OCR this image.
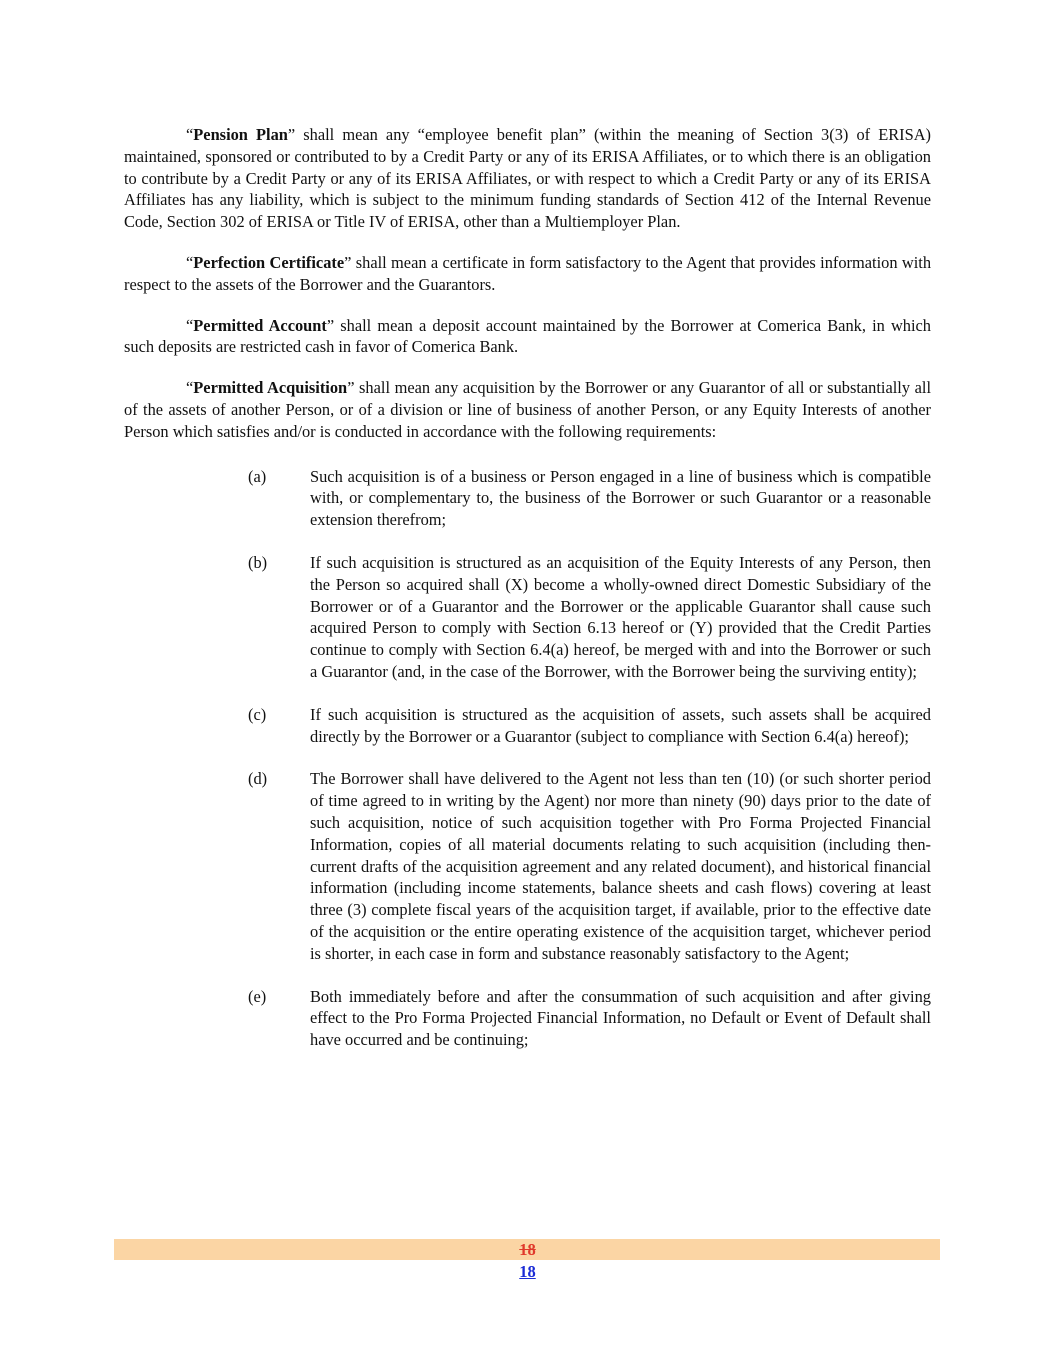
“Pension Plan” shall mean any “employee benefit plan” (within the meaning of Section 3(3) of ERISA) maintained, sponsored or contributed to by a Credit Party or any of its ERISA Affiliates, or to which there is an obligation to contribute by a Credit Party or any of its ERISA Affiliates, or with respect to which a Credit Party or any of its ERISA Affiliates has any liability, which is subject to the minimum funding standards of Section 412 of the Internal Revenue Code, Section 302 of ERISA or Title IV of ERISA, other than a Multiemployer Plan.

“Perfection Certificate” shall mean a certificate in form satisfactory to the Agent that provides information with respect to the assets of the Borrower and the Guarantors.

“Permitted Account” shall mean a deposit account maintained by the Borrower at Comerica Bank, in which such deposits are restricted cash in favor of Comerica Bank.

“Permitted Acquisition” shall mean any acquisition by the Borrower or any Guarantor of all or substantially all of the assets of another Person, or of a division or line of business of another Person, or any Equity Interests of another Person which satisfies and/or is conducted in accordance with the following requirements:

(a)	Such acquisition is of a business or Person engaged in a line of business which is compatible with, or complementary to, the business of the Borrower or such Guarantor or a reasonable extension therefrom;
(b)	If such acquisition is structured as an acquisition of the Equity Interests of any Person, then the Person so acquired shall (X) become a wholly-owned direct Domestic Subsidiary of the Borrower or of a Guarantor and the Borrower or the applicable Guarantor shall cause such acquired Person to comply with Section 6.13 hereof or (Y) provided that the Credit Parties continue to comply with Section 6.4(a) hereof, be merged with and into the Borrower or such a Guarantor (and, in the case of the Borrower, with the Borrower being the surviving entity);
(c)	If such acquisition is structured as the acquisition of assets, such assets shall be acquired directly by the Borrower or a Guarantor (subject to compliance with Section 6.4(a) hereof);
(d)	The Borrower shall have delivered to the Agent not less than ten (10) (or such shorter period of time agreed to in writing by the Agent) nor more than ninety (90) days prior to the date of such acquisition, notice of such acquisition together with Pro Forma Projected Financial Information, copies of all material documents relating to such acquisition (including then-current drafts of the acquisition agreement and any related document), and historical financial information (including income statements, balance sheets and cash flows) covering at least three (3) complete fiscal years of the acquisition target, if available, prior to the effective date of the acquisition or the entire operating existence of the acquisition target, whichever period is shorter, in each case in form and substance reasonably satisfactory to the Agent;
(e)	Both immediately before and after the consummation of such acquisition and after giving effect to the Pro Forma Projected Financial Information, no Default or Event of Default shall have occurred and be continuing;
18
18
